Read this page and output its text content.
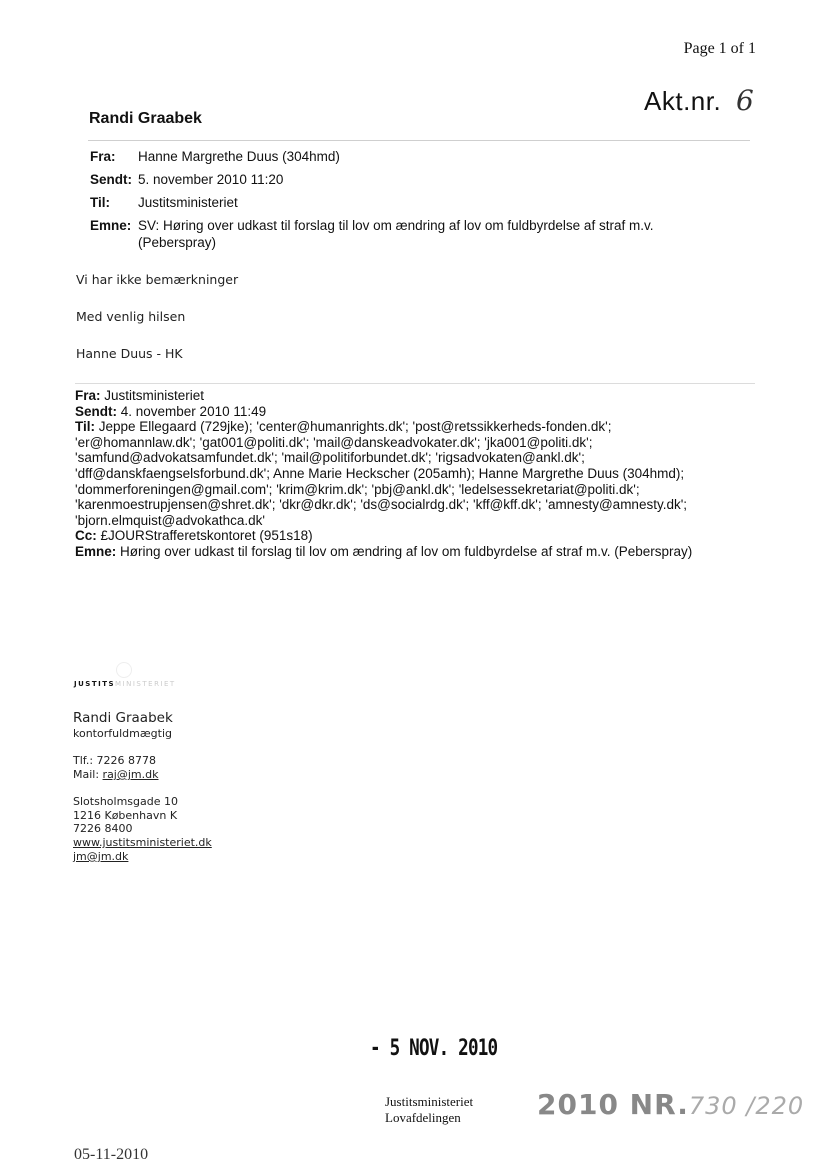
Page 1 of 1
Akt.nr. 6
Randi Graabek
Fra:	Hanne Margrethe Duus (304hmd)
Sendt:	5. november 2010 11:20
Til:	Justitsministeriet
Emne:	SV: Høring over udkast til forslag til lov om ændring af lov om fuldbyrdelse af straf m.v.
(Peberspray)
Vi har ikke bemærkninger
Med venlig hilsen
Hanne Duus - HK
Fra: Justitsministeriet
Sendt: 4. november 2010 11:49
Til: Jeppe Ellegaard (729jke); 'center@humanrights.dk'; 'post@retssikkerheds-fonden.dk';
'er@homannlaw.dk'; 'gat001@politi.dk'; 'mail@danskeadvokater.dk'; 'jka001@politi.dk';
'samfund@advokatsamfundet.dk'; 'mail@politiforbundet.dk'; 'rigsadvokaten@ankl.dk';
'dff@danskfaengselsforbund.dk'; Anne Marie Heckscher (205amh); Hanne Margrethe Duus (304hmd);
'dommerforeningen@gmail.com'; 'krim@krim.dk'; 'pbj@ankl.dk'; 'ledelsessekretariat@politi.dk';
'karenmoestrupjensen@shret.dk'; 'dkr@dkr.dk'; 'ds@socialrdg.dk'; 'kff@kff.dk'; 'amnesty@amnesty.dk';
'bjorn.elmquist@advokathca.dk'
Cc: £JOURStrafferetskontoret (951s18)
Emne: Høring over udkast til forslag til lov om ændring af lov om fuldbyrdelse af straf m.v. (Peberspray)
JUSTITSMINISTERIET
Randi Graabek
kontorfuldmægtig
Tlf.: 7226 8778
Mail: raj@jm.dk
Slotsholmsgade 10
1216 København K
7226 8400
www.justitsministeriet.dk
jm@jm.dk
- 5 NOV. 2010
Justitsministeriet
Lovafdelingen	2010 NR.730 /220
05-11-2010
